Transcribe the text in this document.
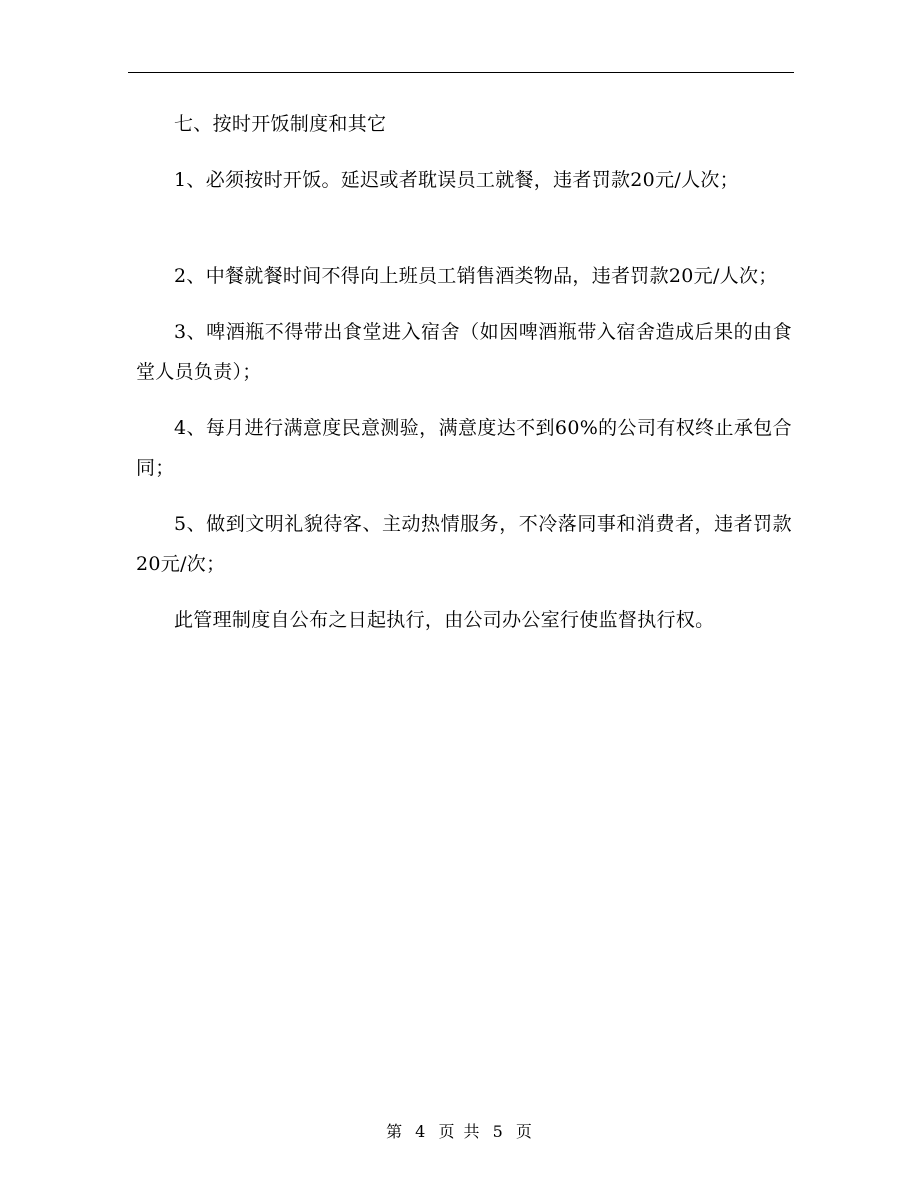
七、按时开饭制度和其它

1、必须按时开饭。延迟或者耽误员工就餐，违者罚款20元/人次；

2、中餐就餐时间不得向上班员工销售酒类物品，违者罚款20元/人次；

3、啤酒瓶不得带出食堂进入宿舍（如因啤酒瓶带入宿舍造成后果的由食堂人员负责）；

4、每月进行满意度民意测验，满意度达不到60%的公司有权终止承包合同；

5、做到文明礼貌待客、主动热情服务，不冷落同事和消费者，违者罚款20元/次；

此管理制度自公布之日起执行，由公司办公室行使监督执行权。

第 4 页 共 5 页
